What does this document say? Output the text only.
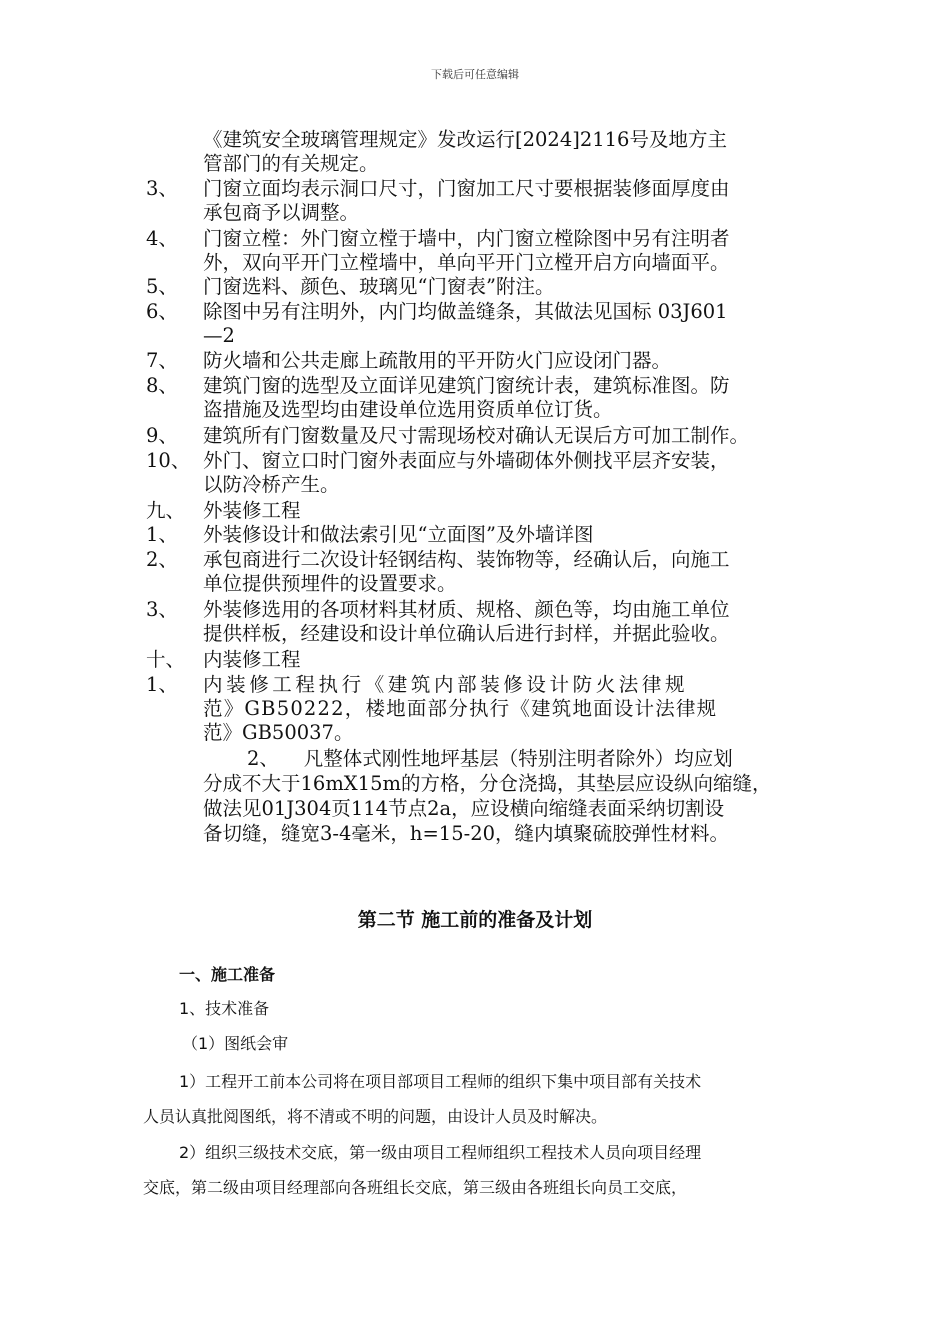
下载后可任意编辑
《建筑安全玻璃管理规定》发改运行[2024]2116号及地方主
管部门的有关规定。
3、 门窗立面均表示洞口尺寸，门窗加工尺寸要根据装修面厚度由
承包商予以调整。
4、 门窗立樘：外门窗立樘于墙中，内门窗立樘除图中另有注明者
外，双向平开门立樘墙中，单向平开门立樘开启方向墙面平。
5、 门窗选料、颜色、玻璃见“门窗表”附注。
6、 除图中另有注明外，内门均做盖缝条，其做法见国标 03J601
—2
7、 防火墙和公共走廊上疏散用的平开防火门应设闭门器。
8、 建筑门窗的选型及立面详见建筑门窗统计表，建筑标准图。防
盗措施及选型均由建设单位选用资质单位订货。
9、 建筑所有门窗数量及尺寸需现场校对确认无误后方可加工制作。
10、 外门、窗立口时门窗外表面应与外墙砌体外侧找平层齐安装，
以防冷桥产生。
九、 外装修工程
1、 外装修设计和做法索引见“立面图”及外墙详图
2、 承包商进行二次设计轻钢结构、装饰物等，经确认后，向施工
单位提供预埋件的设置要求。
3、 外装修选用的各项材料其材质、规格、颜色等，均由施工单位
提供样板，经建设和设计单位确认后进行封样，并据此验收。
十、 内装修工程
1、 内装修工程执行《建筑内部装修设计防火法律规
范》GB50222，楼地面部分执行《建筑地面设计法律规
范》GB50037。
2、    凡整体式刚性地坪基层（特别注明者除外）均应划
分成不大于16mX15m的方格，分仓浇捣，其垫层应设纵向缩缝，
做法见01J304页114节点2a，应设横向缩缝表面采纳切割设
备切缝，缝宽3-4毫米，h=15-20，缝内填聚硫胶弹性材料。
第二节 施工前的准备及计划
一、施工准备
1、技术准备
（1）图纸会审
1）工程开工前本公司将在项目部项目工程师的组织下集中项目部有关技术
人员认真批阅图纸，将不清或不明的问题，由设计人员及时解决。
2）组织三级技术交底，第一级由项目工程师组织工程技术人员向项目经理
交底，第二级由项目经理部向各班组长交底，第三级由各班组长向员工交底，
